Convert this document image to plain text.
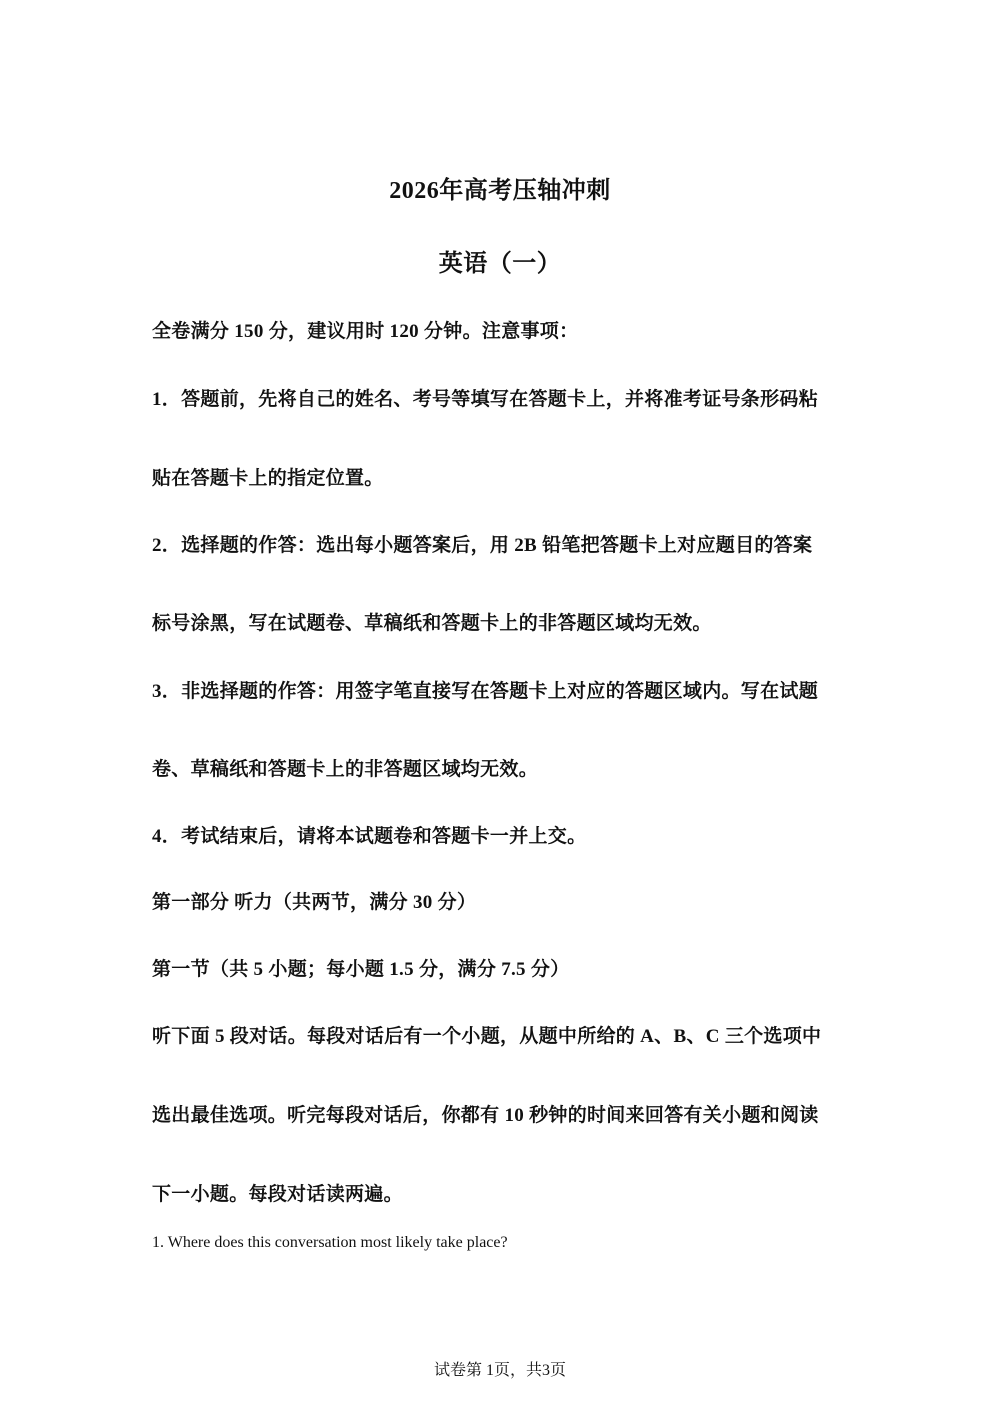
2026年高考压轴冲刺
英语（一）
全卷满分 150 分，建议用时 120 分钟。注意事项：
1．答题前，先将自己的姓名、考号等填写在答题卡上，并将准考证号条形码粘
贴在答题卡上的指定位置。
2．选择题的作答：选出每小题答案后，用 2B 铅笔把答题卡上对应题目的答案
标号涂黑，写在试题卷、草稿纸和答题卡上的非答题区域均无效。
3．非选择题的作答：用签字笔直接写在答题卡上对应的答题区域内。写在试题
卷、草稿纸和答题卡上的非答题区域均无效。
4．考试结束后，请将本试题卷和答题卡一并上交。
第一部分 听力（共两节，满分 30 分）
第一节（共 5 小题；每小题 1.5 分，满分 7.5 分）
听下面 5 段对话。每段对话后有一个小题，从题中所给的 A、B、C 三个选项中
选出最佳选项。听完每段对话后，你都有 10 秒钟的时间来回答有关小题和阅读
下一小题。每段对话读两遍。
1. Where does this conversation most likely take place?
试卷第 1页，共3页
